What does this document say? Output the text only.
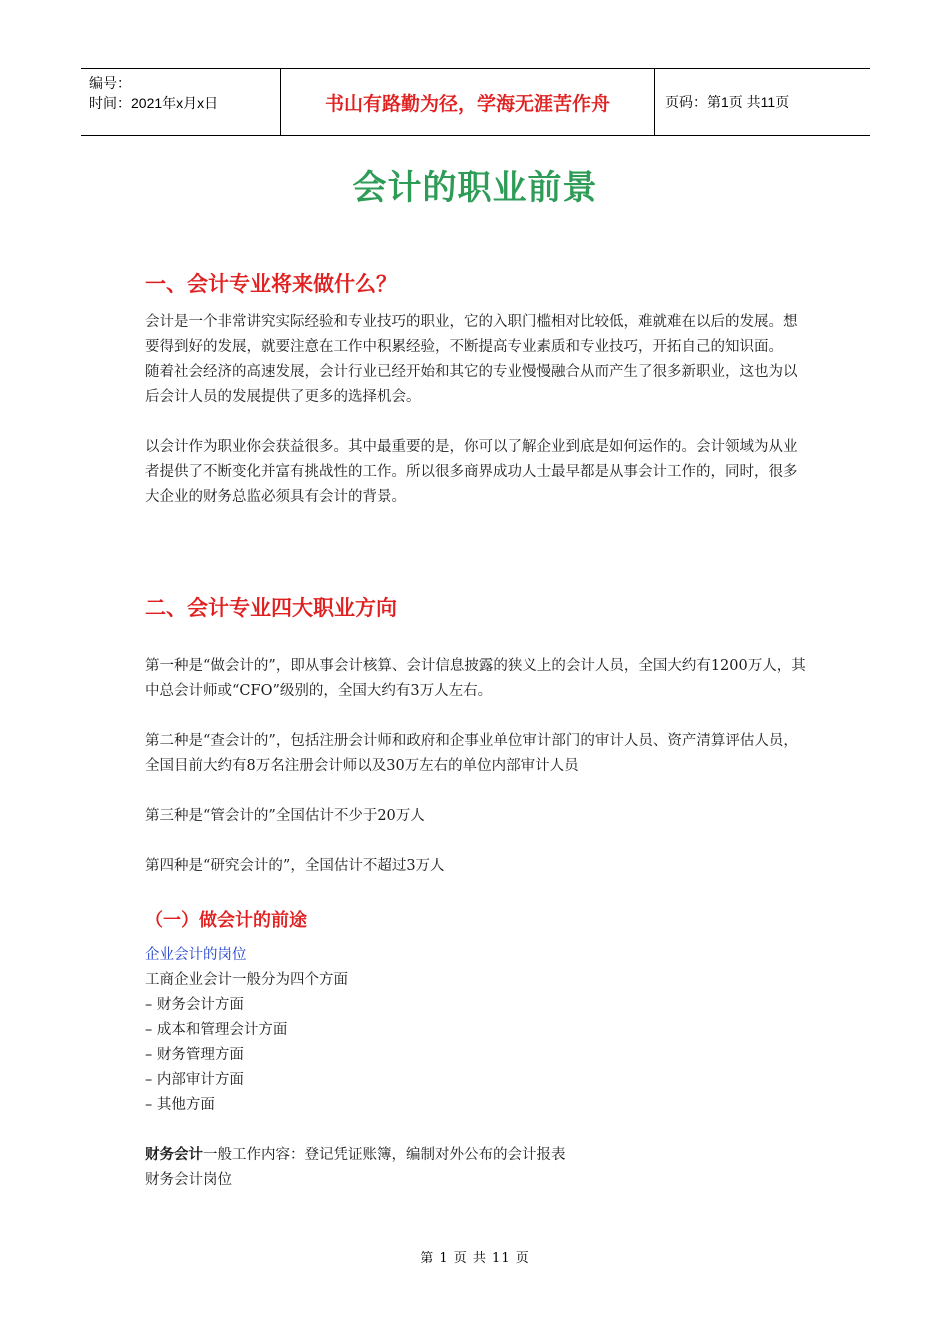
编号：
时间：2021年x月x日	书山有路勤为径，学海无涯苦作舟	页码：第1页 共11页
会计的职业前景
一、会计专业将来做什么？

会计是一个非常讲究实际经验和专业技巧的职业，它的入职门槛相对比较低，难就难在以后的发展。想要得到好的发展，就要注意在工作中积累经验，不断提高专业素质和专业技巧，开拓自己的知识面。

随着社会经济的高速发展，会计行业已经开始和其它的专业慢慢融合从而产生了很多新职业，这也为以后会计人员的发展提供了更多的选择机会。

以会计作为职业你会获益很多。其中最重要的是，你可以了解企业到底是如何运作的。会计领域为从业者提供了不断变化并富有挑战性的工作。所以很多商界成功人士最早都是从事会计工作的，同时，很多大企业的财务总监必须具有会计的背景。

二、会计专业四大职业方向

第一种是“做会计的”，即从事会计核算、会计信息披露的狭义上的会计人员，全国大约有1200万人，其中总会计师或“CFO”级别的，全国大约有3万人左右。

第二种是“查会计的”，包括注册会计师和政府和企事业单位审计部门的审计人员、资产清算评估人员，全国目前大约有8万名注册会计师以及30万左右的单位内部审计人员

第三种是“管会计的”全国估计不少于20万人

第四种是“研究会计的”，全国估计不超过3万人

（一）做会计的前途
企业会计的岗位
工商企业会计一般分为四个方面
– 财务会计方面
– 成本和管理会计方面
– 财务管理方面
– 内部审计方面
– 其他方面
财务会计一般工作内容：登记凭证账簿，编制对外公布的会计报表
财务会计岗位
第 1 页 共 11 页
